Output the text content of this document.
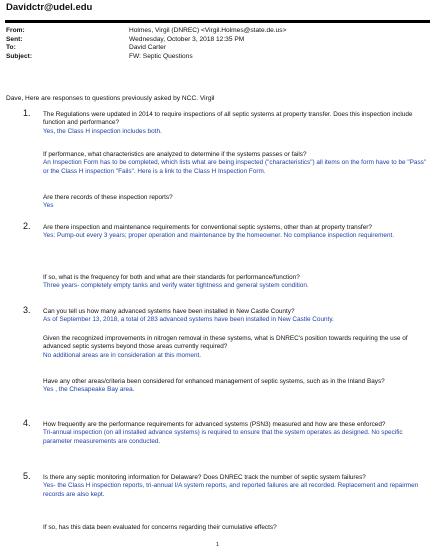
Davidctr@udel.edu
From:	Holmes, Virgil (DNREC) <Virgil.Holmes@state.de.us>
Sent:	Wednesday, October 3, 2018 12:35 PM
To:	David Carter
Subject:	FW: Septic Questions
Dave, Here are responses to questions previously asked by NCC. Virgil
1. The Regulations were updated in 2014 to require inspections of all septic systems at property transfer. Does this inspection include function and performance?
Yes, the Class H inspection includes both.
If performance, what characteristics are analyzed to determine if the systems passes or fails?
An Inspection Form has to be completed, which lists what are being inspected ("characteristics") all items on the form have to be "Pass" or the Class H inspection "Fails". Here is a link to the Class H Inspection Form.
Are there records of these inspection reports?
Yes
2. Are there inspection and maintenance requirements for conventional septic systems, other than at property transfer?
Yes: Pump-out every 3 years; proper operation and maintenance by the homeowner. No compliance inspection requirement.
If so, what is the frequency for both and what are their standards for performance/function?
Three years- completely empty tanks and verify water tightness and general system condition.
3. Can you tell us how many advanced systems have been installed in New Castle County?
As of September 13, 2018, a total of 283 advanced systems have been installed in New Castle County.
Given the recognized improvements in nitrogen removal in these systems, what is DNREC's position towards requiring the use of advanced septic systems beyond those areas currently required?
No additional areas are in consideration at this moment.
Have any other areas/criteria been considered for enhanced management of septic systems, such as in the Inland Bays?
Yes , the Chesapeake Bay area.
4. How frequently are the performance requirements for advanced systems (PSN3) measured and how are these enforced?
Tri-annual inspection (on all installed advance systems) is required to ensure that the system operates as designed. No specific parameter measurements are conducted.
5. Is there any septic monitoring information for Delaware? Does DNREC track the number of septic system failures?
Yes- the Class H inspection reports, tri-annual I/A system reports, and reported failures are all recorded. Replacement and repairmen records are also kept.
If so, has this data been evaluated for concerns regarding their cumulative effects?
1
